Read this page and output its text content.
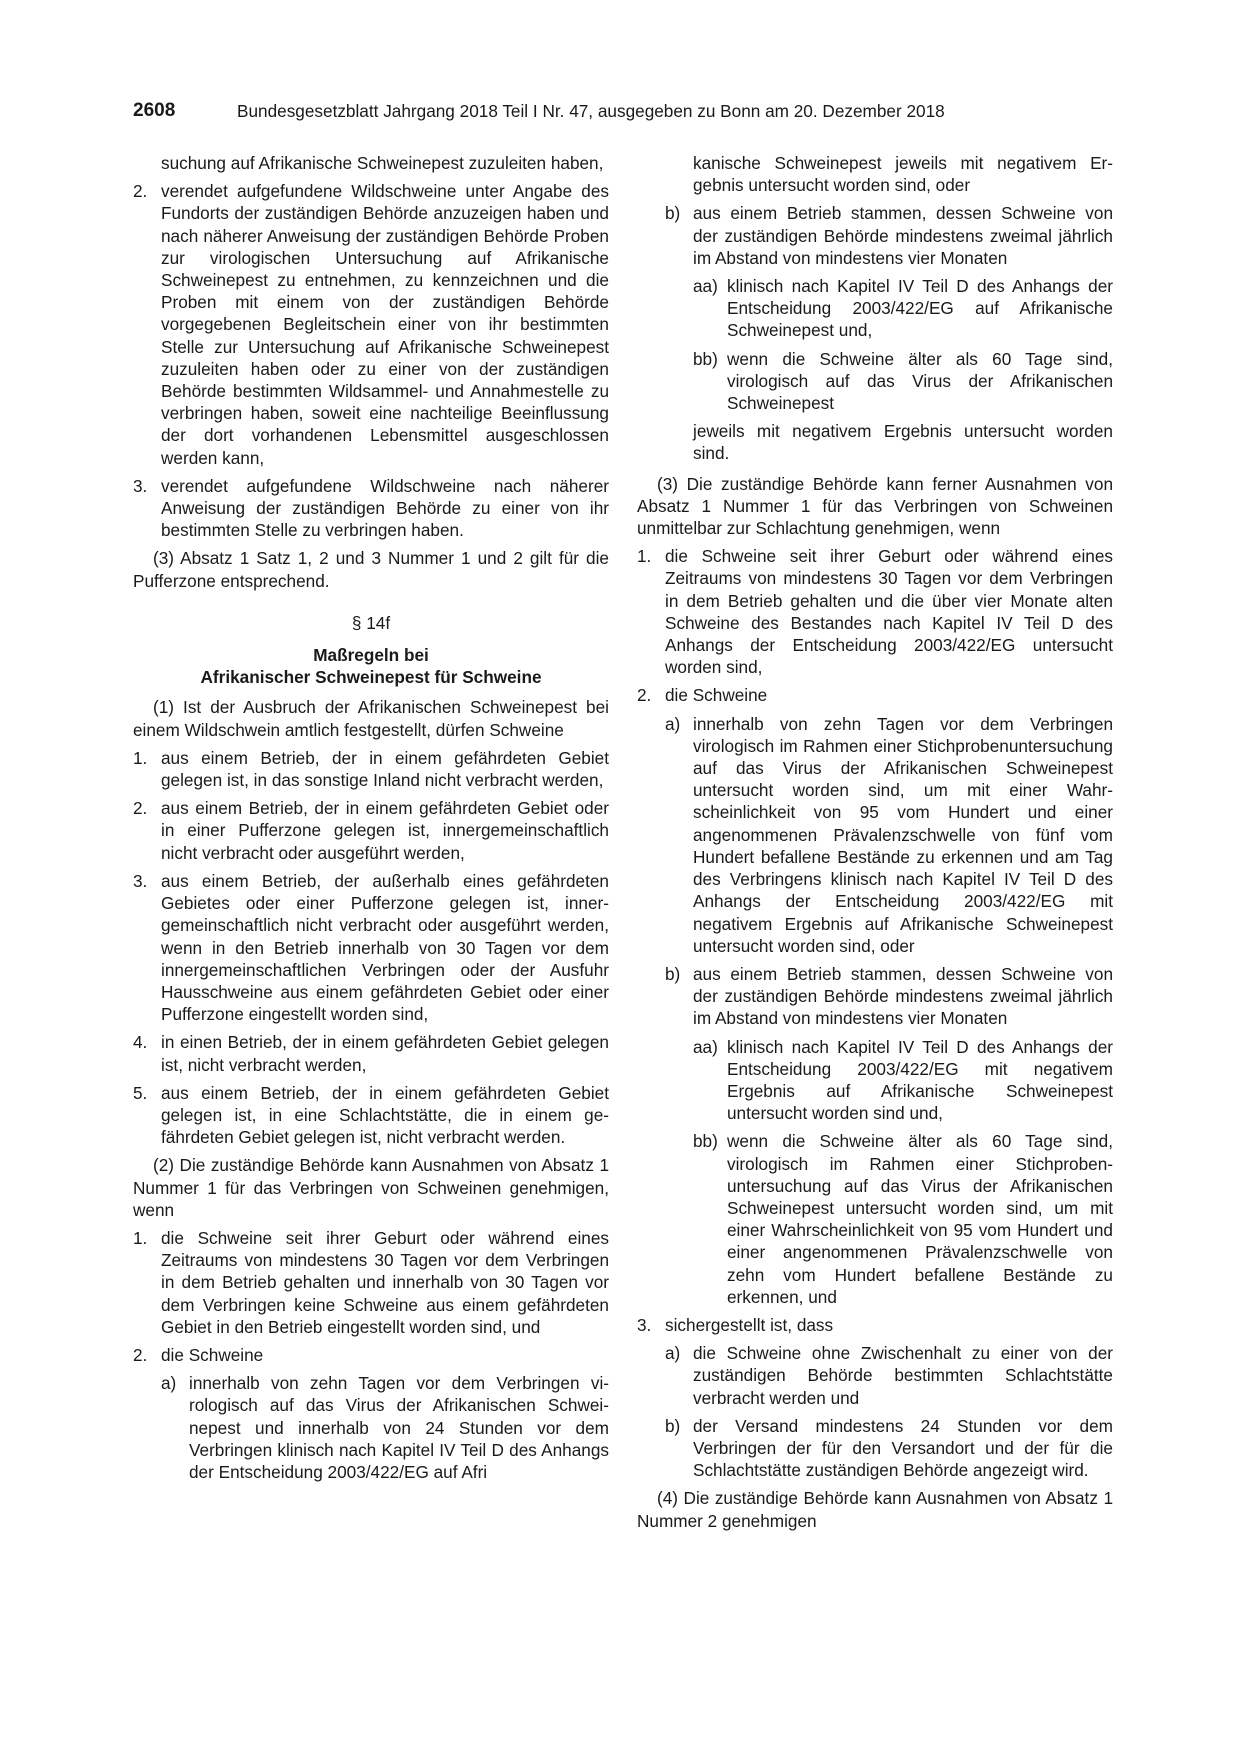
2608	Bundesgesetzblatt Jahrgang 2018 Teil I Nr. 47, ausgegeben zu Bonn am 20. Dezember 2018

suchung auf Afrikanische Schweinepest zuzuleiten haben,

2. verendet aufgefundene Wildschweine unter Angabe des Fundorts der zuständigen Behörde anzuzeigen haben und nach näherer Anweisung der zuständigen Behörde Proben zur virologischen Untersuchung auf Afrikanische Schweinepest zu entnehmen, zu kennzeichnen und die Proben mit einem von der zuständigen Behörde vorgegebenen Begleitschein einer von ihr bestimmten Stelle zur Untersuchung auf Afrikanische Schweinepest zuzuleiten haben oder zu einer von der zuständigen Behörde bestimmten Wildsammel- und Annahmestelle zu verbringen haben, soweit eine nachteilige Beeinflussung der dort vorhandenen Lebensmittel ausgeschlossen werden kann,
3. verendet aufgefundene Wildschweine nach näherer Anweisung der zuständigen Behörde zu einer von ihr bestimmten Stelle zu verbringen haben.

(3) Absatz 1 Satz 1, 2 und 3 Nummer 1 und 2 gilt für die Pufferzone entsprechend.

§ 14f

Maßregeln bei
Afrikanischer Schweinepest für Schweine

(1) Ist der Ausbruch der Afrikanischen Schweinepest bei einem Wildschwein amtlich festgestellt, dürfen Schweine

1. aus einem Betrieb, der in einem gefährdeten Gebiet gelegen ist, in das sonstige Inland nicht verbracht werden,
2. aus einem Betrieb, der in einem gefährdeten Gebiet oder in einer Pufferzone gelegen ist, innergemeinschaftlich nicht verbracht oder ausgeführt werden,
3. aus einem Betrieb, der außerhalb eines gefährdeten Gebietes oder einer Pufferzone gelegen ist, innergemeinschaftlich nicht verbracht oder ausgeführt werden, wenn in den Betrieb innerhalb von 30 Tagen vor dem innergemeinschaftlichen Verbringen oder der Ausfuhr Hausschweine aus einem gefährdeten Gebiet oder einer Pufferzone eingestellt worden sind,
4. in einen Betrieb, der in einem gefährdeten Gebiet gelegen ist, nicht verbracht werden,
5. aus einem Betrieb, der in einem gefährdeten Gebiet gelegen ist, in eine Schlachtstätte, die in einem gefährdeten Gebiet gelegen ist, nicht verbracht werden.

(2) Die zuständige Behörde kann Ausnahmen von Absatz 1 Nummer 1 für das Verbringen von Schweinen genehmigen, wenn

1. die Schweine seit ihrer Geburt oder während eines Zeitraums von mindestens 30 Tagen vor dem Verbringen in dem Betrieb gehalten und innerhalb von 30 Tagen vor dem Verbringen keine Schweine aus einem gefährdeten Gebiet in den Betrieb eingestellt worden sind, und
2. die Schweine
a) innerhalb von zehn Tagen vor dem Verbringen virologisch auf das Virus der Afrikanischen Schweinepest und innerhalb von 24 Stunden vor dem Verbringen klinisch nach Kapitel IV Teil D des Anhangs der Entscheidung 2003/422/EG auf Afri

kanische Schweinepest jeweils mit negativem Ergebnis untersucht worden sind, oder

b) aus einem Betrieb stammen, dessen Schweine von der zuständigen Behörde mindestens zweimal jährlich im Abstand von mindestens vier Monaten
aa) klinisch nach Kapitel IV Teil D des Anhangs der Entscheidung 2003/422/EG auf Afrikanische Schweinepest und,
bb) wenn die Schweine älter als 60 Tage sind, virologisch auf das Virus der Afrikanischen Schweinepest

jeweils mit negativem Ergebnis untersucht worden sind.

(3) Die zuständige Behörde kann ferner Ausnahmen von Absatz 1 Nummer 1 für das Verbringen von Schweinen unmittelbar zur Schlachtung genehmigen, wenn

1. die Schweine seit ihrer Geburt oder während eines Zeitraums von mindestens 30 Tagen vor dem Verbringen in dem Betrieb gehalten und die über vier Monate alten Schweine des Bestandes nach Kapitel IV Teil D des Anhangs der Entscheidung 2003/422/EG untersucht worden sind,
2. die Schweine
a) innerhalb von zehn Tagen vor dem Verbringen virologisch im Rahmen einer Stichprobenuntersuchung auf das Virus der Afrikanischen Schweinepest untersucht worden sind, um mit einer Wahrscheinlichkeit von 95 vom Hundert und einer angenommenen Prävalenzschwelle von fünf vom Hundert befallene Bestände zu erkennen und am Tag des Verbringens klinisch nach Kapitel IV Teil D des Anhangs der Entscheidung 2003/422/EG mit negativem Ergebnis auf Afrikanische Schweinepest untersucht worden sind, oder
b) aus einem Betrieb stammen, dessen Schweine von der zuständigen Behörde mindestens zweimal jährlich im Abstand von mindestens vier Monaten
aa) klinisch nach Kapitel IV Teil D des Anhangs der Entscheidung 2003/422/EG mit negativem Ergebnis auf Afrikanische Schweinepest untersucht worden sind und,
bb) wenn die Schweine älter als 60 Tage sind, virologisch im Rahmen einer Stichprobenuntersuchung auf das Virus der Afrikanischen Schweinepest untersucht worden sind, um mit einer Wahrscheinlichkeit von 95 vom Hundert und einer angenommenen Prävalenzschwelle von zehn vom Hundert befallene Bestände zu erkennen, und
3. sichergestellt ist, dass
a) die Schweine ohne Zwischenhalt zu einer von der zuständigen Behörde bestimmten Schlachtstätte verbracht werden und
b) der Versand mindestens 24 Stunden vor dem Verbringen der für den Versandort und der für die Schlachtstätte zuständigen Behörde angezeigt wird.

(4) Die zuständige Behörde kann Ausnahmen von Absatz 1 Nummer 2 genehmigen
